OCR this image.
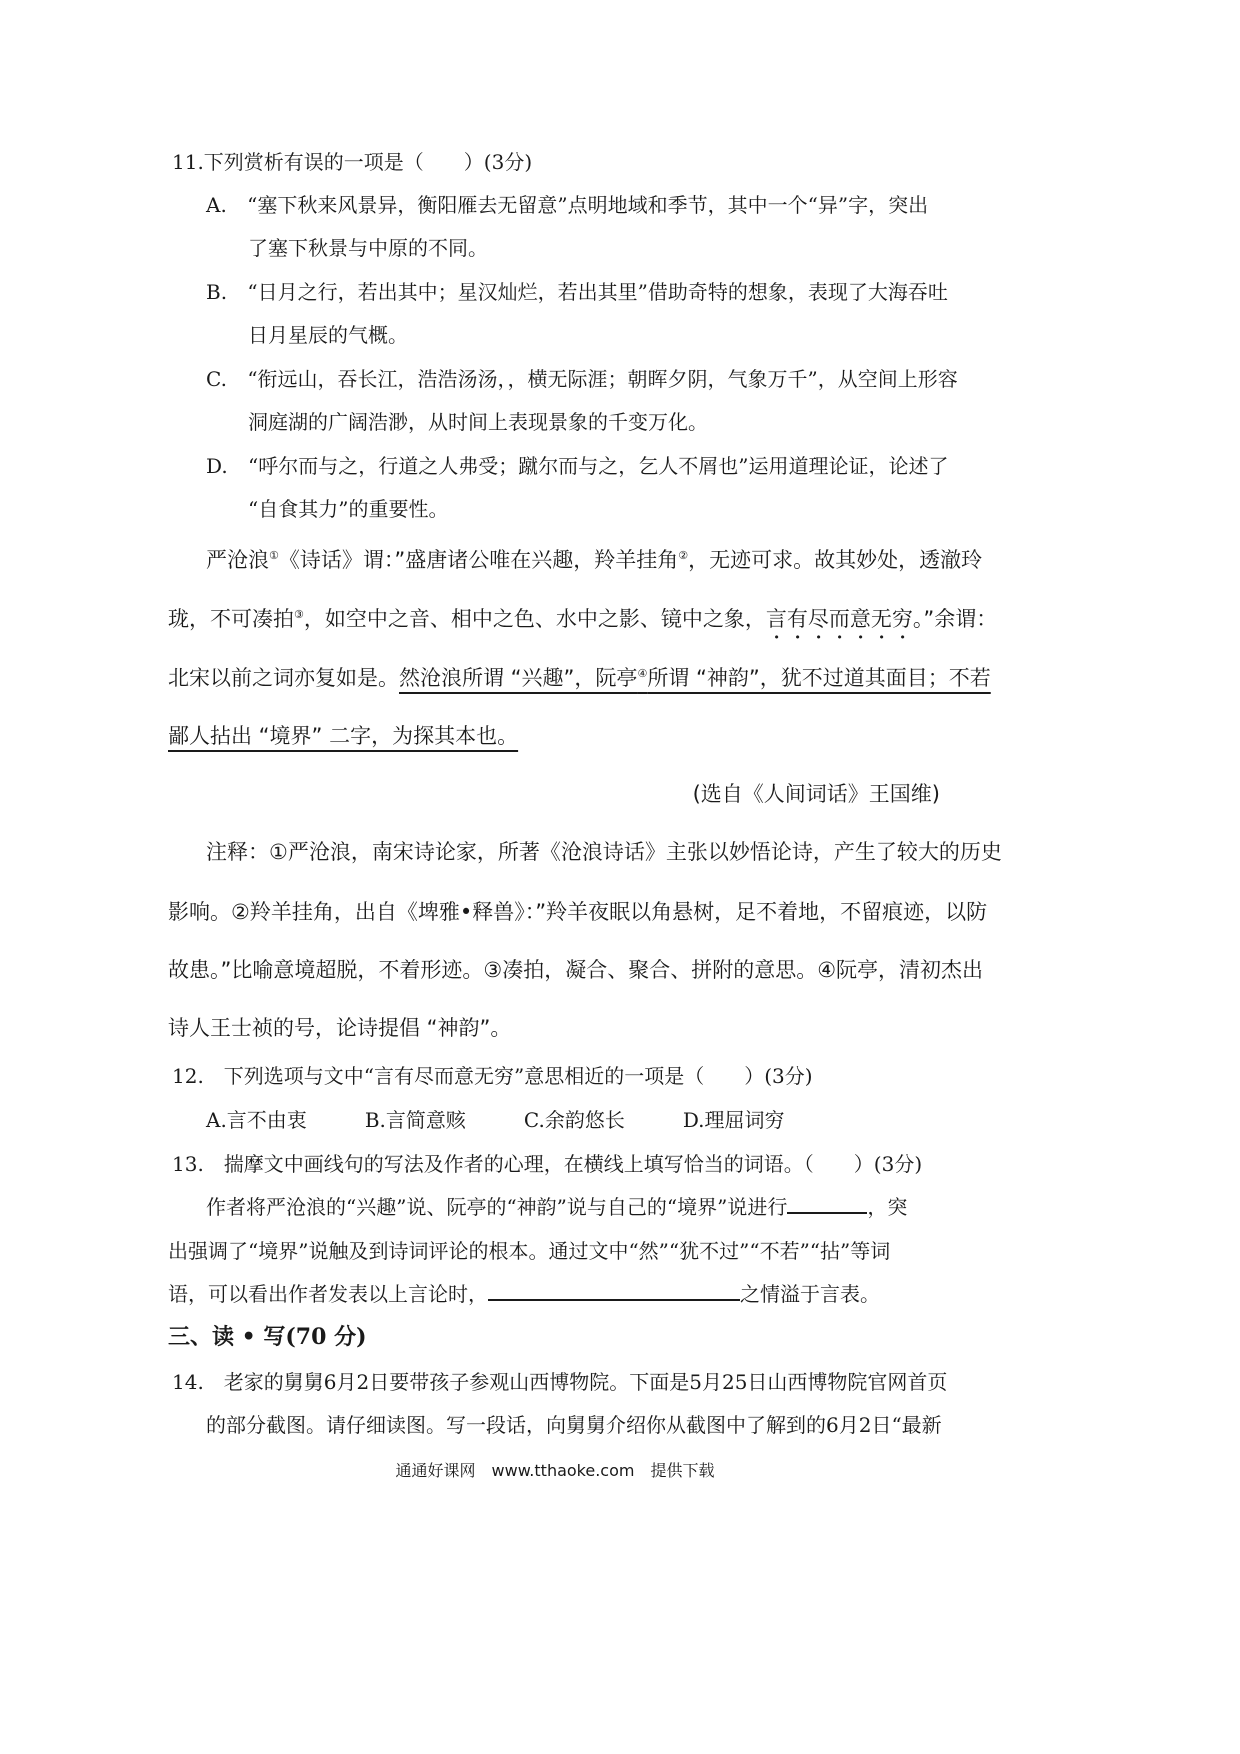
11.下列赏析有误的一项是（　　）(3分)
A. “塞下秋来风景异，衡阳雁去无留意”点明地域和季节，其中一个“异”字，突出
了塞下秋景与中原的不同。
B. “日月之行，若出其中；星汉灿烂，若出其里”借助奇特的想象，表现了大海吞吐
日月星辰的气概。
C. “衔远山，吞长江，浩浩汤汤，，横无际涯；朝晖夕阴，气象万千”，从空间上形容
洞庭湖的广阔浩渺，从时间上表现景象的千变万化。
D. “呼尔而与之，行道之人弗受；蹴尔而与之，乞人不屑也”运用道理论证，论述了
“自食其力”的重要性。
严沧浪①《诗话》谓：”盛唐诸公唯在兴趣，羚羊挂角②，无迹可求。故其妙处，透澈玲
珑，不可凑拍③，如空中之音、相中之色、水中之影、镜中之象，言有尽而意无穷。”余谓：
北宋以前之词亦复如是。然沧浪所谓 “兴趣”，阮亭④所谓 “神韵”，犹不过道其面目；不若
鄙人拈出 “境界” 二字，为探其本也。
(选自《人间词话》王国维)
注释：①严沧浪，南宋诗论家，所著《沧浪诗话》主张以妙悟论诗，产生了较大的历史
影响。②羚羊挂角，出自《埤雅•释兽》：”羚羊夜眠以角悬树，足不着地，不留痕迹，以防
故患。”比喻意境超脱，不着形迹。③凑拍，凝合、聚合、拼附的意思。④阮亭，清初杰出
诗人王士祯的号，论诗提倡 “神韵”。
12.　下列选项与文中“言有尽而意无穷”意思相近的一项是（　　）(3分)
A.言不由衷	B.言简意赅	C.余韵悠长	D.理屈词穷
13.　揣摩文中画线句的写法及作者的心理，在横线上填写恰当的词语。（　　）(3分)
作者将严沧浪的“兴趣”说、阮亭的“神韵”说与自己的“境界”说进行	，突
出强调了“境界”说触及到诗词评论的根本。通过文中“然”“犹不过”“不若”“拈”等词
语，可以看出作者发表以上言论时，	之情溢于言表。
三、读 • 写(70 分)
14.　老家的舅舅6月2日要带孩子参观山西博物院。下面是5月25日山西博物院官网首页
的部分截图。请仔细读图。写一段话，向舅舅介绍你从截图中了解到的6月2日“最新
通通好课网　www.tthaoke.com　提供下载
